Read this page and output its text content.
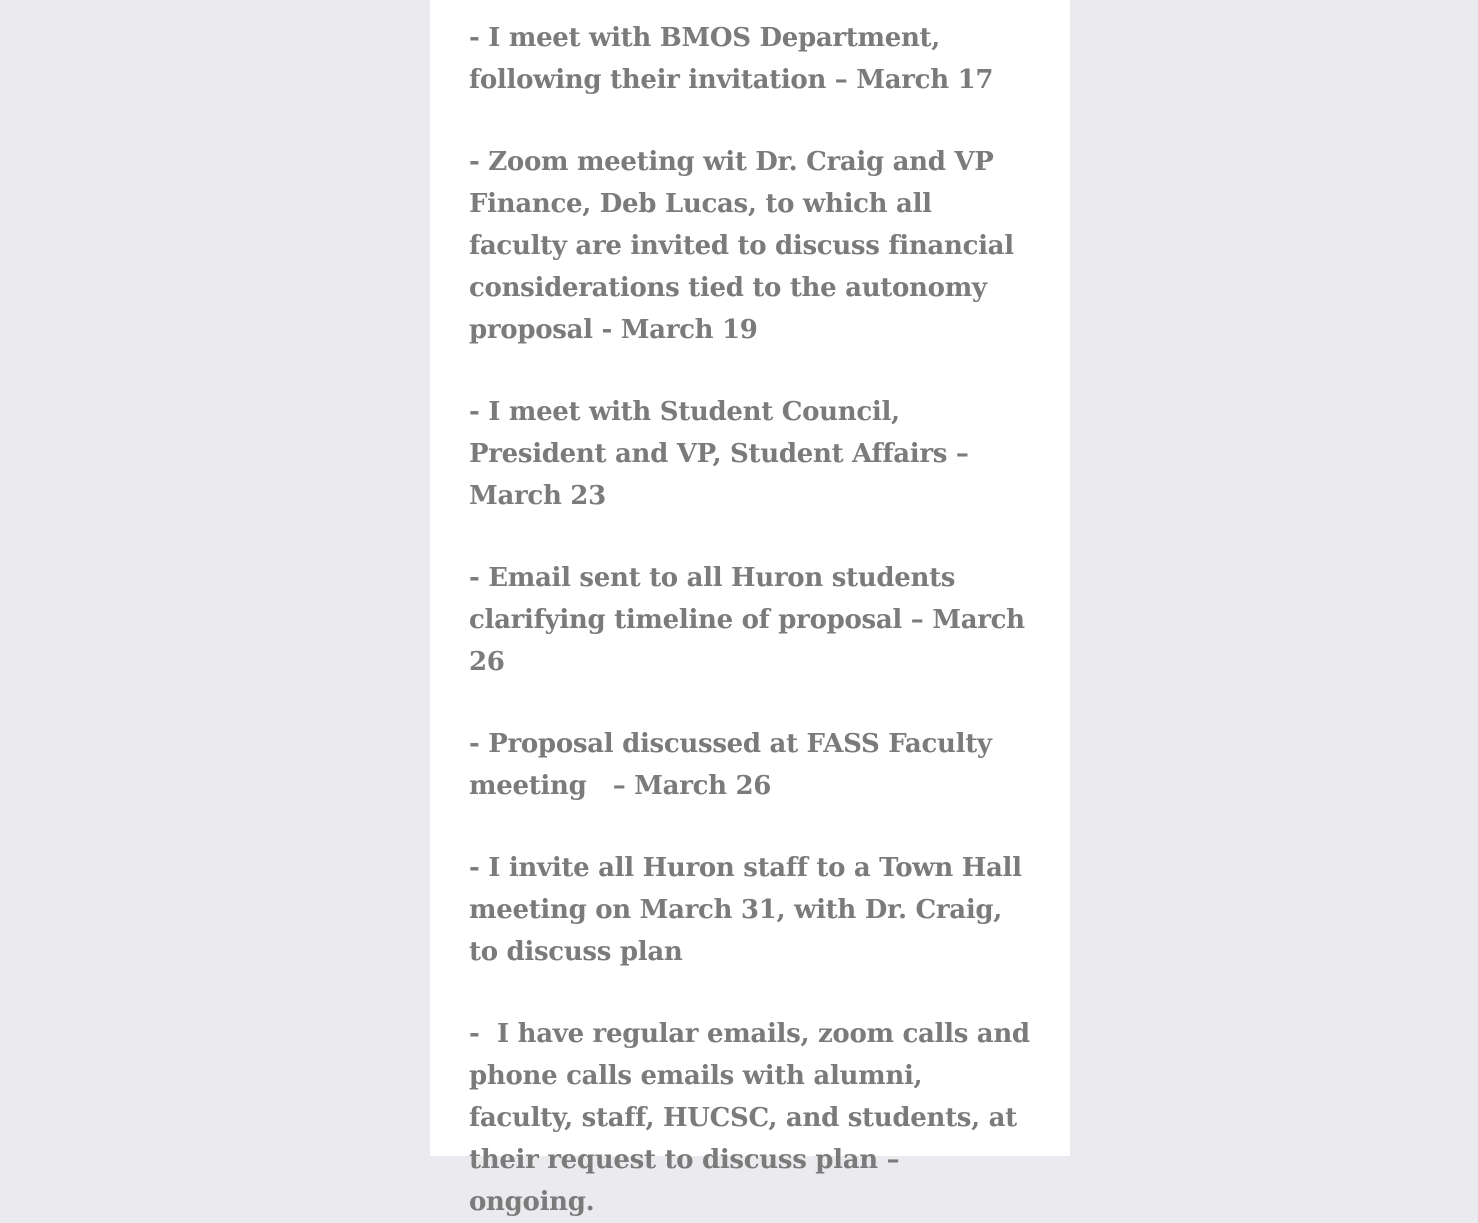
- I meet with BMOS Department, following their invitation – March 17

- Zoom meeting wit Dr. Craig and VP Finance, Deb Lucas, to which all faculty are invited to discuss financial considerations tied to the autonomy proposal - March 19

- I meet with Student Council, President and VP, Student Affairs – March 23

- Email sent to all Huron students clarifying timeline of proposal – March 26

- Proposal discussed at FASS Faculty meeting   – March 26

- I invite all Huron staff to a Town Hall meeting on March 31, with Dr. Craig, to discuss plan

-  I have regular emails, zoom calls and phone calls emails with alumni, faculty, staff, HUCSC, and students, at their request to discuss plan – ongoing.
